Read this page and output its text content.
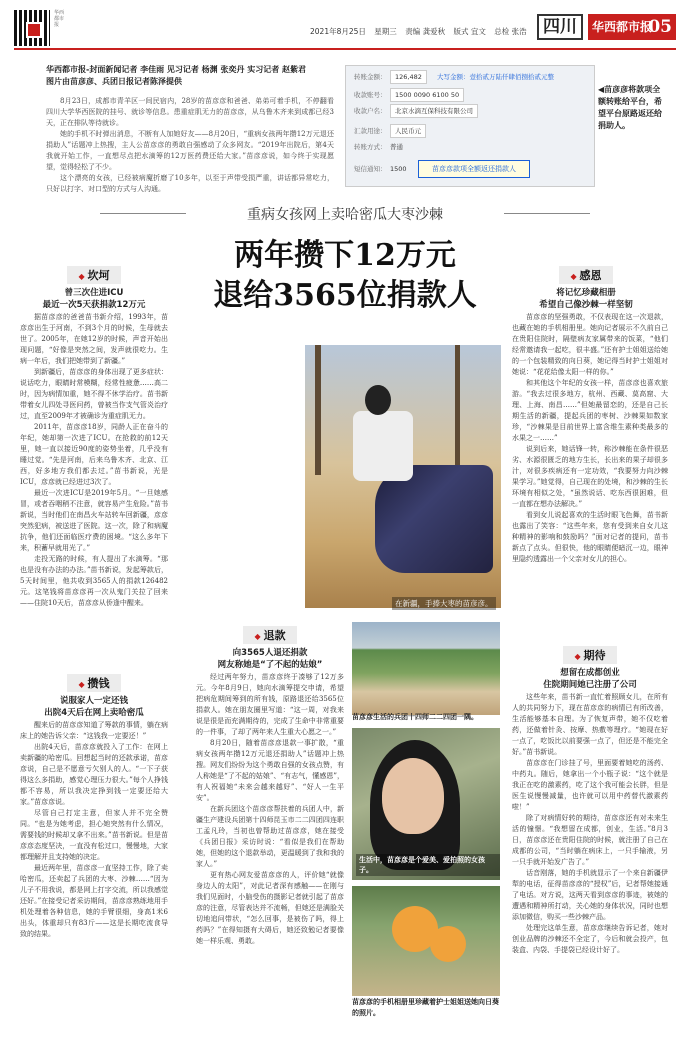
华西都市报
2021年8月25日 星期三 责编 龚爱秋 版式 宜文 总检 张浩 四川	华西都市报
05
华西都市报-封面新闻记者 李佳雨 见习记者 杨渊 张奕丹 实习记者 赵紫君
图片由苗彦彦、兵团日报记者陈泽提供

8月23日，成都市青羊区一间民宿内，28岁的苗彦彦和爸爸、弟弟可着手机，不停翻看四川大学华西医院的挂号、就诊等信息。患重症肌无力的苗彦彦，从乌鲁木齐来到成都已经3天，正在排队等待就诊。

她的手机不时弹出消息，不断有人加她好友——8月20日，“重病女孩两年攒12万元退还捐助人”话题冲上热搜，主人公苗彦彦的勇敢自强感动了众多网友。“2019年出院后，第4天我就开始工作，一直想尽点把水滴筹的12万医药费还给大家。”苗彦彦说，如今终于实现愿望，觉得轻松了不少。

这个漂亮的女孩，已经被病魔折磨了10多年，以至于声带受损严重，讲话都异常吃力，只好以打字、对口型的方式与人沟通。

转账金额： 126,482 大写金额：壹拾贰万陆仟肆佰捌拾贰元整
收款账号： 1500 0090 6100 50
收款户名： 北京水滴互保科技有限公司
汇款用途： 人民币元
转账方式： 普通
短信通知： 1500	苗彦彦款项全额返还捐款人
◀苗彦彦将款项全额转账给平台，希望平台原路返还给捐助人。
重病女孩网上卖哈密瓜大枣沙棘
两年攒下12万元
退给3565位捐款人
◆ 坎坷
曾三次住进ICU
最近一次5天获捐款12万元

据苗彦彦的爸爸苗书新介绍，1993年，苗彦彦出生于河南，不到3个月的时候，生母就去世了。2005年，在她12岁的时候，声音开始出现问题，“好像是突然之间，发声就很吃力。生病一年后，我们把她带到了新疆。”

到新疆后，苗彦彦的身体出现了更多症状：说话吃力，眼睛时常模糊，经常性疲惫……高二时，因为病情加重，她不得不休学治疗。苗书新带着女儿四处寻医问药，曾被当作支气管炎治疗过，直至2009年才被确诊为重症肌无力。

2011年，苗彦彦18岁，同龄人正在奋斗的年纪，她却第一次进了ICU。在抢救的前12天里，她一直以接近90度的姿势坐着，几乎没有睡过觉。“先是河南，后来乌鲁木齐、北京、江西，好多地方我们都去过。”苗书新说，光是ICU，彦彦就已经进过3次了。

最近一次进ICU是2019年5月。“一旦她感冒，或者吞咽稍不注意，就容易产生危险。”苗书新说，当时他们在南昌火车站转车回新疆，彦彦突然犯病，被送进了医院。这一次，除了和病魔抗争，他们还面临医疗费的困境。“这么多年下来，积蓄早就用光了。”

走投无路的时候，有人提出了水滴筹。“那也是没有办法的办法。”苗书新说，发起筹款后，5天时间里，他共收到3565人的捐款126482元。这笔钱将苗彦彦再一次从鬼门关拉了回来——住院10天后，苗彦彦从侨逢中醒来。

◆ 攒钱
说服家人一定还钱
出院4天后在网上卖哈密瓜

醒来后的苗彦彦知道了筹款的事情，躺在病床上的她告诉父亲：“这钱我一定要还！”

出院4天后，苗彦彦就投入了工作：在网上卖新疆的哈密瓜。回想起当时的还款承诺，苗彦彦说，自己是不愿意亏欠别人的人。“一下子获得这么多捐助，感觉心理压力很大。”每个人挣钱都不容易，所以我决定挣到钱一定要还给大家。”苗彦彦说。

尽管自己打定主意，但家人并不完全赞同。“也是为她考虑，担心她突然有什么情况，需要钱的时候却又拿不出来。”苗书新说。但是苗彦彦态度坚决，一直没有松过口，慢慢地，大家都理解并且支持她的决定。

最近两年里，苗彦彦一直坚持工作，除了卖哈密瓜，还卖起了兵团的大枣、沙棘……“因为儿子不用我说，都是网上打字交流，所以我感觉还好。”在接受记者采访期间，苗彦彦熟练地用手机处理着各种信息，她的手臂很细，身高1米6出头，体重却只有83斤——这是长期吃流食导致的结果。

在新疆，手捧大枣的苗彦彦。
◆ 退款
向3565人退还捐款
网友称她是“了不起的姑娘”

经过两年努力，苗彦彦终于凑够了12万多元。今年8月9日，她向水滴筹提交申请，希望把病危期间筹到的所有钱，原路退还给3565位捐款人。她在朋友圈里写道：“这一周，对我来说是很是而充满期待的，完成了生命中非常重要的一件事，了却了两年来人生重大心愿之一。”

8月20日，随着苗彦彦退款一事扩散，“重病女孩两年攒12万元退还捐助人”话题冲上热搜。网友们纷纷为这个勇敢自强的女孩点赞，有人称她是“了不起的姑娘”、“有志气，懂感恩”，有人祝福她“未来会越来越好”、“好人一生平安”。

在新兵团这个苗彦彦帮扶着的兵团人中，新疆生产建设兵团第十四师昆玉市二二四团四连职工孟凡玲，当初也曾帮助过苗彦彦，她在接受《兵团日报》采访时说：“看似是我们在帮助她，但她的这个退款举动，更温暖到了我和我的家人。”

更有热心网友爱苗彦彦的人，评价她“就像身边人的太阳”，对此记者深有感触——在刚与我们见面时，小脑受伤的摄影记者就引起了苗彦彦的注意，尽管表达并不流畅，但她还是满脸关切地追问带状，“怎么回事，是被伤了吗，得上药吗？”在得知摄有大碍后，她还致勉记者要像她一样乐观、勇敢。

苗彦彦生活的兵团十四师二二四团一隅。
生活中，苗彦彦是个爱美、爱拍照的女孩子。
苗彦彦的手机相册里珍藏着护士姐姐送她向日葵的照片。
◆ 感恩
将记忆珍藏相册
希望自己像沙棘一样坚韧

苗彦彦的坚强勇敢，不仅表现在这一次退款，也藏在她的手机相册里。她向记者展示不久前自己在贵阳住院时，隔壁病友家属带来的饭菜，“他们经常邀请我一起吃，很丰盛。”还有护士姐姐送给她的一个包装精致的向日葵，她记得当时护士姐姐对她说：“花花给像太阳一样的你。”

和其他这个年纪的女孩一样，苗彦彦也喜欢旅游。“我去过很多地方，杭州、西藏、莫高窟、大理、上海、南昌……”但她最留恋的，还是自己长期生活的新疆，提起兵团的枣树、沙棘果如数家珍，“沙棘果是目前世界上富含维生素种类最多的水果之一……”

说到后来，她话锋一转，称沙棘能在条件很恶劣、水源很匮乏的地方生长，长出来的果子却很多汁，对很多疾病还有一定功效，“我要努力向沙棘果学习。”她觉得，自己现在的处境，和沙棘的生长环境有相似之处，“虽然说话、吃东西很困难，但一直都在想办法解决。”

看到女儿说起喜欢的生活时眼飞色舞，苗书新也露出了笑容：“这些年来，您有受到来自女儿这种精神的影响和鼓励吗？”面对记者的提问，苗书新点了点头。但很快，他的眼睛便暗沉一边，眼神里隐约透露出一个父亲对女儿的担心。

◆ 期待
想留在成都创业
住院期间她已注册了公司

这些年来，苗书新一直忙着照顾女儿，在所有人的共同努力下，现在苗彦彦的病情已有所改善，生活能够基本自理。为了恢复声带，她不仅吃着药，还做着针灸、按摩、热敷等理疗。“她现在好一点了，吃饭比以前要强一点了，但还是不能完全好。”苗书新说。

苗彦彦在门诊挂了号，里面要着她吃的汤药、中药丸。随后，她拿出一个小瓶子说：“这个就是我正在吃的激素药，吃了这个我可能会长胖，但是医生说慢慢减量，也许就可以用中药替代激素药啦！”

除了对病情好转的期待，苗彦彦还有对未来生活的憧憬。“我想留在成都，创业，生活。”8月3日，苗彦彦还在贵阳住院的时候，就注册了自己在成都的公司，“当时躺在病床上，一只手输液，另一只手就开始发广告了。”

话音刚落，她的手机就显示了一个来自新疆伊犁的电话，征得苗彦彦的“授权”后，记者帮她接通了电话。对方说，这两天看到彦彦的事迹，被她的遭遇和精神所打动，关心她的身体状况，同时也想添加微信，购买一些沙棘产品。

处理完这单生意，苗彦彦继续告诉记者，她对创业品牌的沙棘还不全定了，今后和就会投产，包装盒、内袋、手提袋已经设计好了。
